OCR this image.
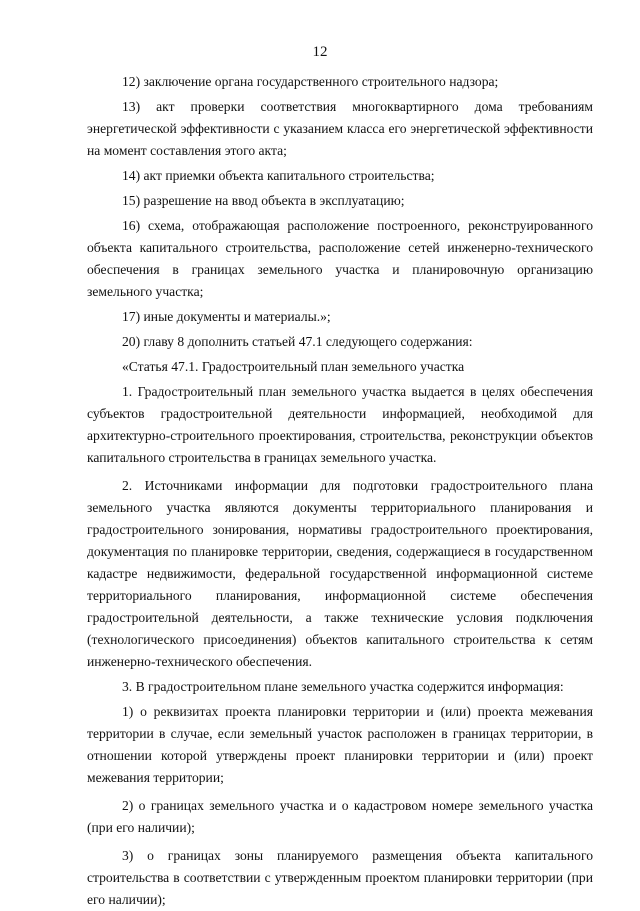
12

12) заключение органа государственного строительного надзора;

13) акт проверки соответствия многоквартирного дома требованиям энергетической эффективности с указанием класса его энергетической эффективности на момент составления этого акта;

14) акт приемки объекта капитального строительства;

15) разрешение на ввод объекта в эксплуатацию;

16) схема, отображающая расположение построенного, реконструированного объекта капитального строительства, расположение сетей инженерно-технического обеспечения в границах земельного участка и планировочную организацию земельного участка;

17) иные документы и материалы.»;

20) главу 8 дополнить статьей 47.1 следующего содержания:

«Статья 47.1. Градостроительный план земельного участка

1. Градостроительный план земельного участка выдается в целях обеспечения субъектов градостроительной деятельности информацией, необходимой для архитектурно-строительного проектирования, строительства, реконструкции объектов капитального строительства в границах земельного участка.

2. Источниками информации для подготовки градостроительного плана земельного участка являются документы территориального планирования и градостроительного зонирования, нормативы градостроительного проектирования, документация по планировке территории, сведения, содержащиеся в государственном кадастре недвижимости, федеральной государственной информационной системе территориального планирования, информационной системе обеспечения градостроительной деятельности, а также технические условия подключения (технологического присоединения) объектов капитального строительства к сетям инженерно-технического обеспечения.

3. В градостроительном плане земельного участка содержится информация:

1) о реквизитах проекта планировки территории и (или) проекта межевания территории в случае, если земельный участок расположен в границах территории, в отношении которой утверждены проект планировки территории и (или) проект межевания территории;

2) о границах земельного участка и о кадастровом номере земельного участка (при его наличии);

3) о границах зоны планируемого размещения объекта капитального строительства в соответствии с утвержденным проектом планировки территории (при его наличии);
